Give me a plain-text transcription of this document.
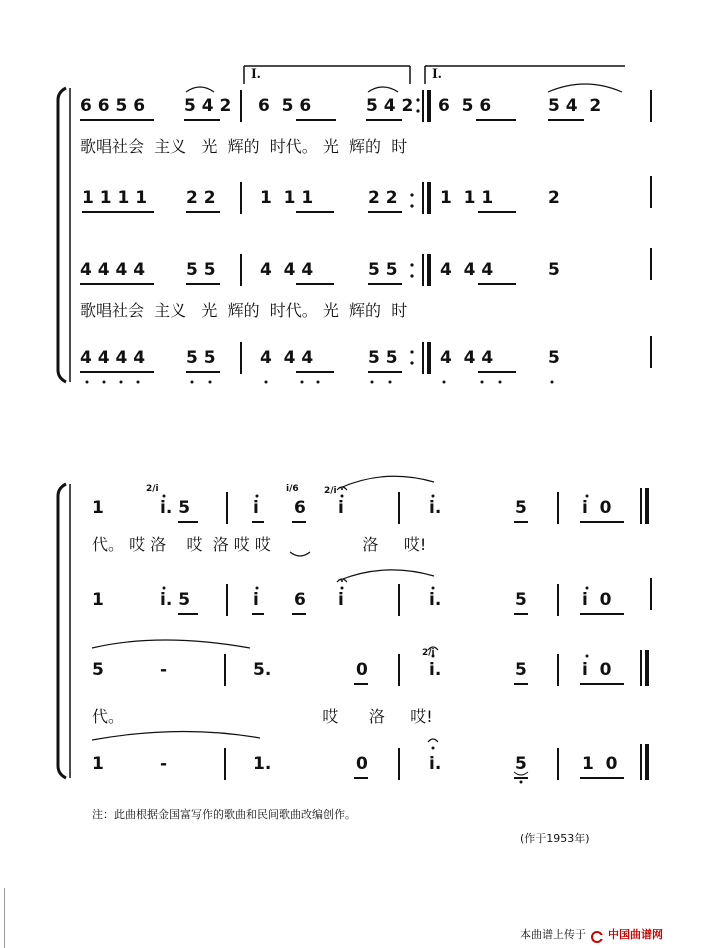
I.	I.
6 6 5 6 5 4 2 6  5 6	5 4 2 6  5 6	5 4  2
歌唱社会  主义   光  辉的  时代。 光  辉的  时
1 1 1 1 2 2	1  1 1	2 2 1  1 1	2
4 4 4 4 5 5	4  4 4	5 5 4  4 4	5
歌唱社会  主义   光  辉的  时代。 光  辉的  时
4 4 4 4 5 5	4  4 4	5 5 4  4 4	5
1
2/i
i. 5	i
i/6
6
2/i
i	i.	5	i  0
代。 哎 洛    哎  洛 哎 哎                  洛     哎!
1	i. 5	i 6 i	i.	5	i  0
5	-	5.	0
2/i
i.	5	i  0
代。                                       哎      洛     哎!
1	-	1.	0	i.	5	1  0
注：此曲根据金国富写作的歌曲和民间歌曲改编创作。
(作于1953年)
本曲谱上传于 中国曲谱网
